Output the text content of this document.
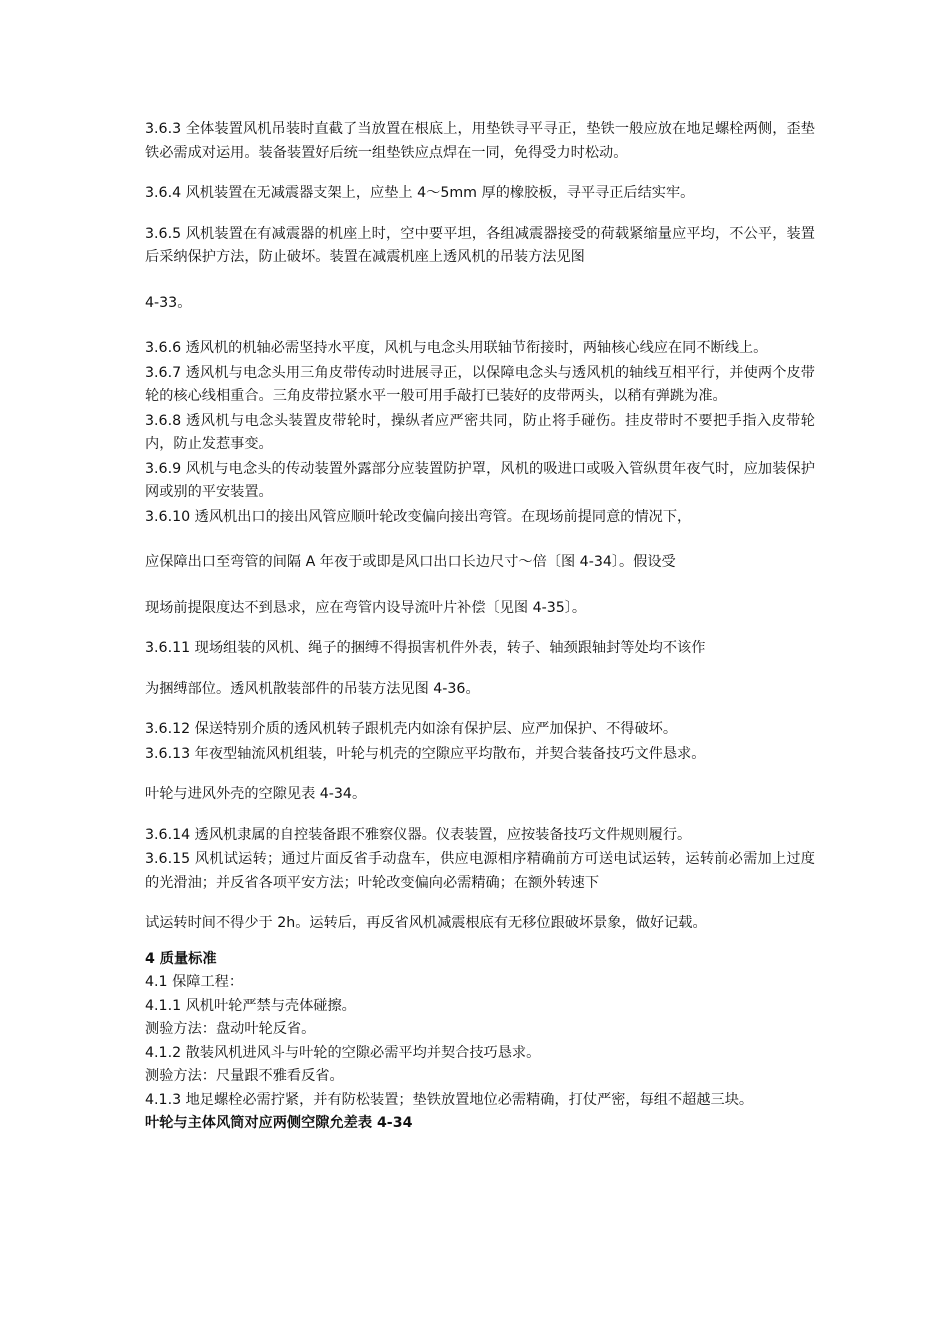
3.6.3 全体装置风机吊装时直截了当放置在根底上，用垫铁寻平寻正，垫铁一般应放在地足螺栓两侧，歪垫铁必需成对运用。装备装置好后统一组垫铁应点焊在一同，免得受力时松动。

3.6.4 风机装置在无减震器支架上，应垫上 4～5mm 厚的橡胶板，寻平寻正后结实牢。

3.6.5 风机装置在有减震器的机座上时，空中要平坦，各组减震器接受的荷载紧缩量应平均，不公平，装置后采纳保护方法，防止破坏。装置在减震机座上透风机的吊装方法见图

4-33。

3.6.6 透风机的机轴必需坚持水平度，风机与电念头用联轴节衔接时，两轴核心线应在同不断线上。

3.6.7 透风机与电念头用三角皮带传动时进展寻正，以保障电念头与透风机的轴线互相平行，并使两个皮带轮的核心线相重合。三角皮带拉紧水平一般可用手敲打已装好的皮带两头，以稍有弹跳为准。

3.6.8 透风机与电念头装置皮带轮时，操纵者应严密共同，防止将手碰伤。挂皮带时不要把手指入皮带轮内，防止发惹事变。

3.6.9 风机与电念头的传动装置外露部分应装置防护罩，风机的吸进口或吸入管纵贯年夜气时，应加装保护网或别的平安装置。

3.6.10 透风机出口的接出风管应顺叶轮改变偏向接出弯管。在现场前提同意的情况下，

应保障出口至弯管的间隔 A 年夜于或即是风口出口长边尺寸～倍〔图 4-34〕。假设受

现场前提限度达不到恳求，应在弯管内设导流叶片补偿〔见图 4-35〕。

3.6.11 现场组装的风机、绳子的捆缚不得损害机件外表，转子、轴颈跟轴封等处均不该作

为捆缚部位。透风机散装部件的吊装方法见图 4-36。

3.6.12 保送特别介质的透风机转子跟机壳内如涂有保护层、应严加保护、不得破坏。

3.6.13 年夜型轴流风机组装，叶轮与机壳的空隙应平均散布，并契合装备技巧文件恳求。

叶轮与进风外壳的空隙见表 4-34。

3.6.14 透风机隶属的自控装备跟不雅察仪器。仪表装置，应按装备技巧文件规则履行。

3.6.15 风机试运转；通过片面反省手动盘车，供应电源相序精确前方可送电试运转，运转前必需加上过度的光滑油；并反省各项平安方法；叶轮改变偏向必需精确；在额外转速下

试运转时间不得少于 2h。运转后，再反省风机减震根底有无移位跟破坏景象，做好记载。

4 质量标准

4.1 保障工程：

4.1.1 风机叶轮严禁与壳体碰擦。

测验方法：盘动叶轮反省。

4.1.2 散装风机进风斗与叶轮的空隙必需平均并契合技巧恳求。

测验方法：尺量跟不雅看反省。

4.1.3 地足螺栓必需拧紧，并有防松装置；垫铁放置地位必需精确，打仗严密，每组不超越三块。

叶轮与主体风筒对应两侧空隙允差表 4-34
